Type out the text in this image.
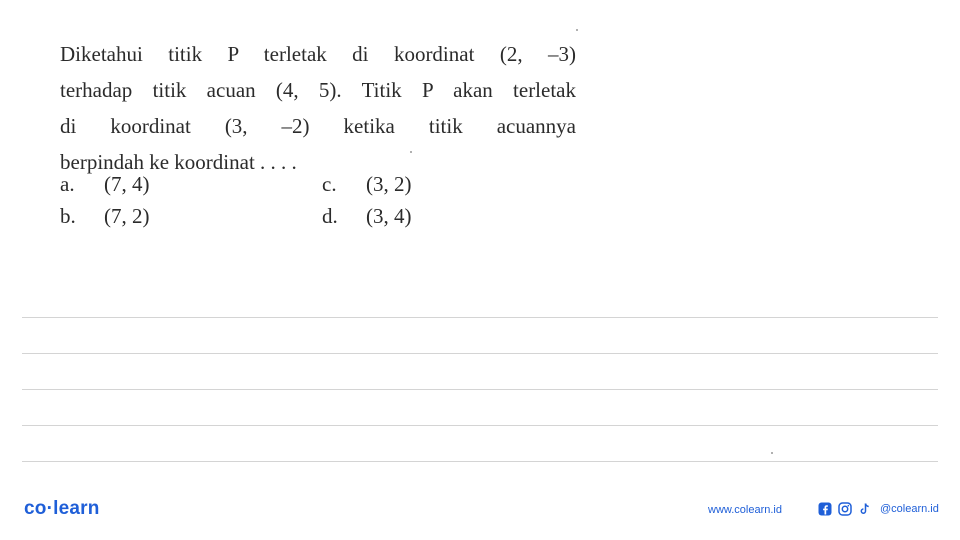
Diketahui titik P terletak di koordinat (2, –3)
terhadap titik acuan (4, 5). Titik P akan terletak
di koordinat (3, –2) ketika titik acuannya
berpindah ke koordinat . . . .
a. (7, 4)
b. (7, 2)
c. (3, 2)
d. (3, 4)
co·learn	www.colearn.id	@colearn.id
